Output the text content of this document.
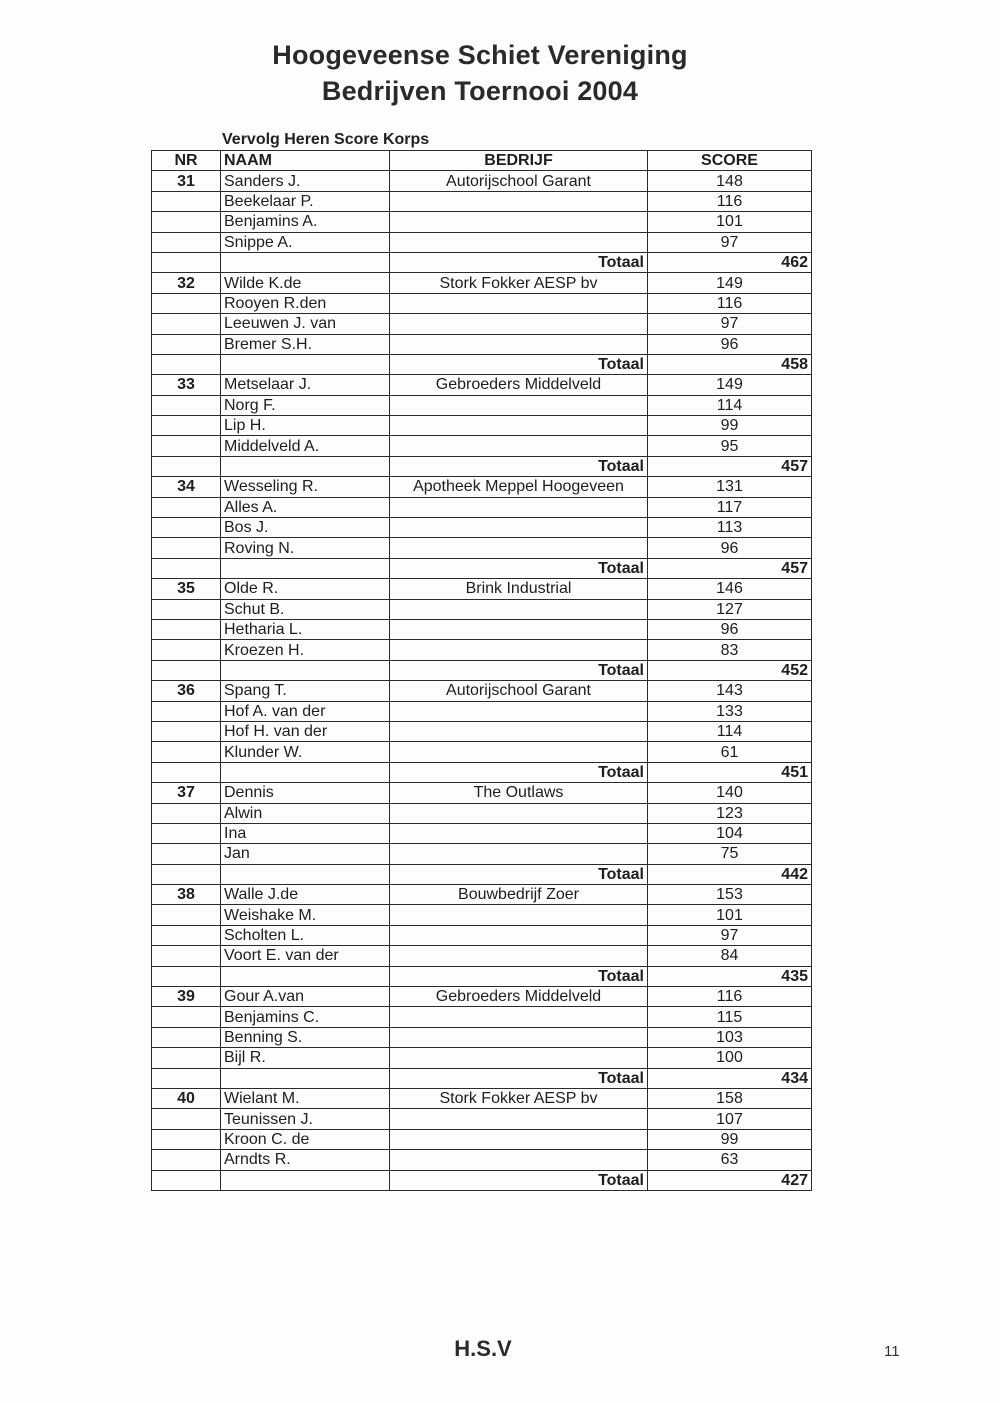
Hoogeveense Schiet Vereniging
Bedrijven Toernooi 2004
Vervolg Heren Score Korps
NR	NAAM	BEDRIJF	SCORE
31	Sanders J.	Autorijschool Garant	148
	Beekelaar P.		116
	Benjamins A.		101
	Snippe A.		97
		Totaal	462
32	Wilde K.de	Stork Fokker AESP bv	149
	Rooyen R.den		116
	Leeuwen J. van		97
	Bremer S.H.		96
		Totaal	458
33	Metselaar J.	Gebroeders Middelveld	149
	Norg F.		114
	Lip H.		99
	Middelveld A.		95
		Totaal	457
34	Wesseling R.	Apotheek Meppel Hoogeveen	131
	Alles A.		117
	Bos J.		113
	Roving N.		96
		Totaal	457
35	Olde R.	Brink Industrial	146
	Schut B.		127
	Hetharia L.		96
	Kroezen H.		83
		Totaal	452
36	Spang T.	Autorijschool Garant	143
	Hof A. van der		133
	Hof H. van der		114
	Klunder W.		61
		Totaal	451
37	Dennis	The Outlaws	140
	Alwin		123
	Ina		104
	Jan		75
		Totaal	442
38	Walle J.de	Bouwbedrijf Zoer	153
	Weishake M.		101
	Scholten L.		97
	Voort E. van der		84
		Totaal	435
39	Gour A.van	Gebroeders Middelveld	116
	Benjamins C.		115
	Benning S.		103
	Bijl R.		100
		Totaal	434
40	Wielant M.	Stork Fokker AESP bv	158
	Teunissen J.		107
	Kroon C. de		99
	Arndts R.		63
		Totaal	427
H.S.V	11
